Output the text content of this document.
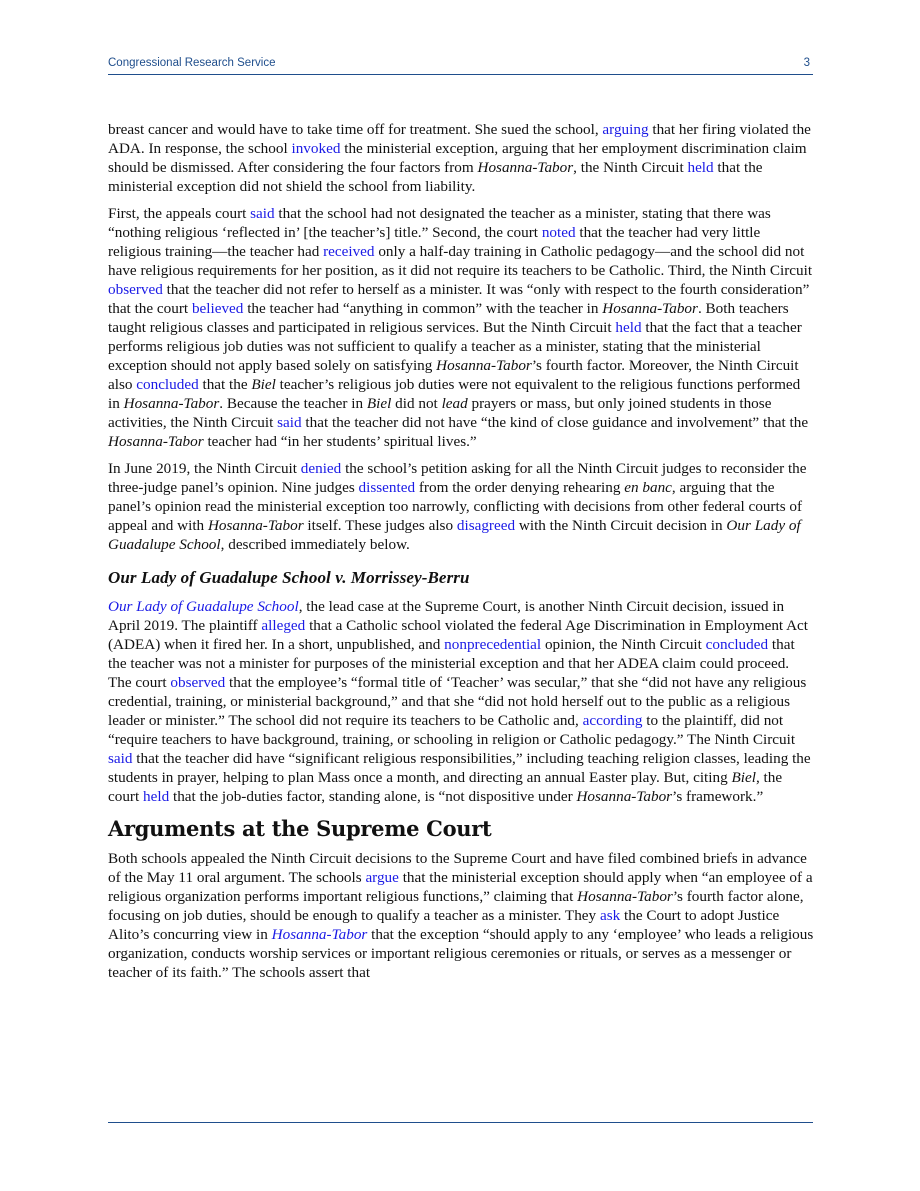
Congressional Research Service	3

breast cancer and would have to take time off for treatment. She sued the school, arguing that her firing violated the ADA. In response, the school invoked the ministerial exception, arguing that her employment discrimination claim should be dismissed. After considering the four factors from Hosanna-Tabor, the Ninth Circuit held that the ministerial exception did not shield the school from liability.

First, the appeals court said that the school had not designated the teacher as a minister, stating that there was “nothing religious ‘reflected in’ [the teacher’s] title.” Second, the court noted that the teacher had very little religious training—the teacher had received only a half-day training in Catholic pedagogy—and the school did not have religious requirements for her position, as it did not require its teachers to be Catholic. Third, the Ninth Circuit observed that the teacher did not refer to herself as a minister. It was “only with respect to the fourth consideration” that the court believed the teacher had “anything in common” with the teacher in Hosanna-Tabor. Both teachers taught religious classes and participated in religious services. But the Ninth Circuit held that the fact that a teacher performs religious job duties was not sufficient to qualify a teacher as a minister, stating that the ministerial exception should not apply based solely on satisfying Hosanna-Tabor’s fourth factor. Moreover, the Ninth Circuit also concluded that the Biel teacher’s religious job duties were not equivalent to the religious functions performed in Hosanna-Tabor. Because the teacher in Biel did not lead prayers or mass, but only joined students in those activities, the Ninth Circuit said that the teacher did not have “the kind of close guidance and involvement” that the Hosanna-Tabor teacher had “in her students’ spiritual lives.”

In June 2019, the Ninth Circuit denied the school’s petition asking for all the Ninth Circuit judges to reconsider the three-judge panel’s opinion. Nine judges dissented from the order denying rehearing en banc, arguing that the panel’s opinion read the ministerial exception too narrowly, conflicting with decisions from other federal courts of appeal and with Hosanna-Tabor itself. These judges also disagreed with the Ninth Circuit decision in Our Lady of Guadalupe School, described immediately below.

Our Lady of Guadalupe School v. Morrissey-Berru

Our Lady of Guadalupe School, the lead case at the Supreme Court, is another Ninth Circuit decision, issued in April 2019. The plaintiff alleged that a Catholic school violated the federal Age Discrimination in Employment Act (ADEA) when it fired her. In a short, unpublished, and nonprecedential opinion, the Ninth Circuit concluded that the teacher was not a minister for purposes of the ministerial exception and that her ADEA claim could proceed. The court observed that the employee’s “formal title of ‘Teacher’ was secular,” that she “did not have any religious credential, training, or ministerial background,” and that she “did not hold herself out to the public as a religious leader or minister.” The school did not require its teachers to be Catholic and, according to the plaintiff, did not “require teachers to have background, training, or schooling in religion or Catholic pedagogy.” The Ninth Circuit said that the teacher did have “significant religious responsibilities,” including teaching religion classes, leading the students in prayer, helping to plan Mass once a month, and directing an annual Easter play. But, citing Biel, the court held that the job-duties factor, standing alone, is “not dispositive under Hosanna-Tabor’s framework.”

Arguments at the Supreme Court

Both schools appealed the Ninth Circuit decisions to the Supreme Court and have filed combined briefs in advance of the May 11 oral argument. The schools argue that the ministerial exception should apply when “an employee of a religious organization performs important religious functions,” claiming that Hosanna-Tabor’s fourth factor alone, focusing on job duties, should be enough to qualify a teacher as a minister. They ask the Court to adopt Justice Alito’s concurring view in Hosanna-Tabor that the exception “should apply to any ‘employee’ who leads a religious organization, conducts worship services or important religious ceremonies or rituals, or serves as a messenger or teacher of its faith.” The schools assert that
